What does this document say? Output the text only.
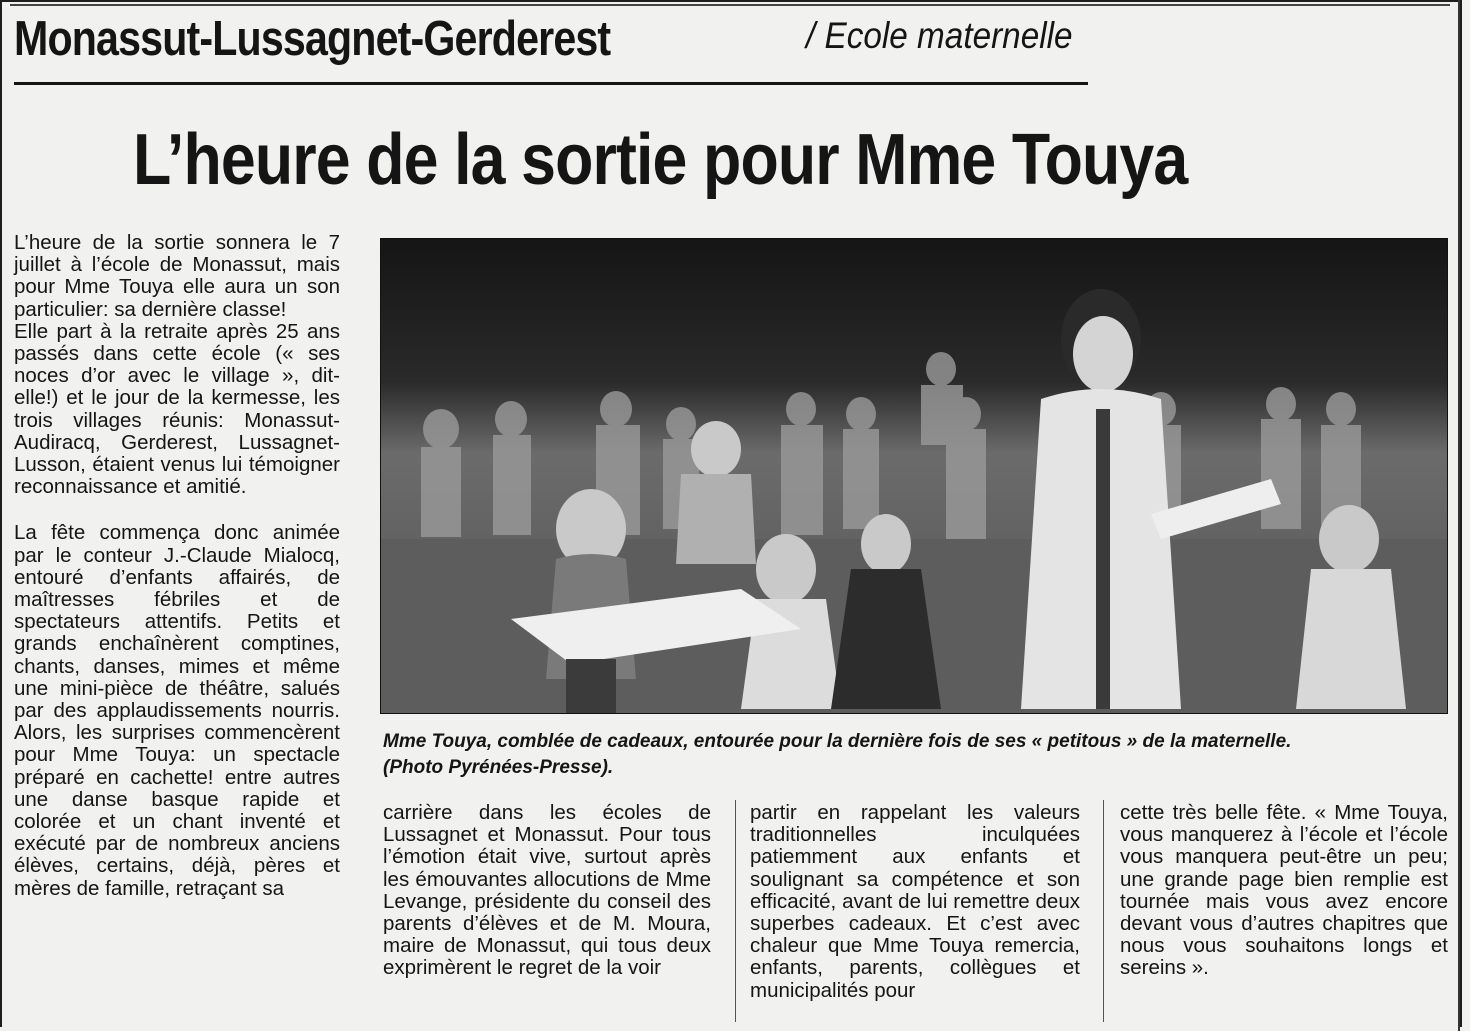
Monassut-Lussagnet-Gerderest	/ Ecole maternelle
L’heure de la sortie pour Mme Touya

L’heure de la sortie sonnera le 7 juillet à l’école de Monassut, mais pour Mme Touya elle aura un son particulier: sa dernière classe!

Elle part à la retraite après 25 ans passés dans cette école (« ses noces d’or avec le village », dit-elle!) et le jour de la kermesse, les trois villages réunis: Monassut-Audiracq, Gerderest, Lussagnet-Lusson, étaient venus lui témoigner reconnaissance et amitié.

La fête commença donc animée par le conteur J.-Claude Mialocq, entouré d’enfants affairés, de maîtresses fébriles et de spectateurs attentifs. Petits et grands enchaînèrent comptines, chants, danses, mimes et même une mini-pièce de théâtre, salués par des applaudissements nourris. Alors, les surprises commencèrent pour Mme Touya: un spectacle préparé en cachette! entre autres une danse basque rapide et colorée et un chant inventé et exécuté par de nombreux anciens élèves, certains, déjà, pères et mères de famille, retraçant sa

Mme Touya, comblée de cadeaux, entourée pour la dernière fois de ses « petitous » de la maternelle.

(Photo Pyrénées-Presse).

carrière dans les écoles de Lussagnet et Monassut. Pour tous l’émotion était vive, surtout après les émouvantes allocutions de Mme Levange, présidente du conseil des parents d’élèves et de M. Moura, maire de Monassut, qui tous deux exprimèrent le regret de la voir

partir en rappelant les valeurs traditionnelles inculquées patiemment aux enfants et soulignant sa compétence et son efficacité, avant de lui remettre deux superbes cadeaux. Et c’est avec chaleur que Mme Touya remercia, enfants, parents, collègues et municipalités pour

cette très belle fête. « Mme Touya, vous manquerez à l’école et l’école vous manquera peut-être un peu; une grande page bien remplie est tournée mais vous avez encore devant vous d’autres chapitres que nous vous souhaitons longs et sereins ».
